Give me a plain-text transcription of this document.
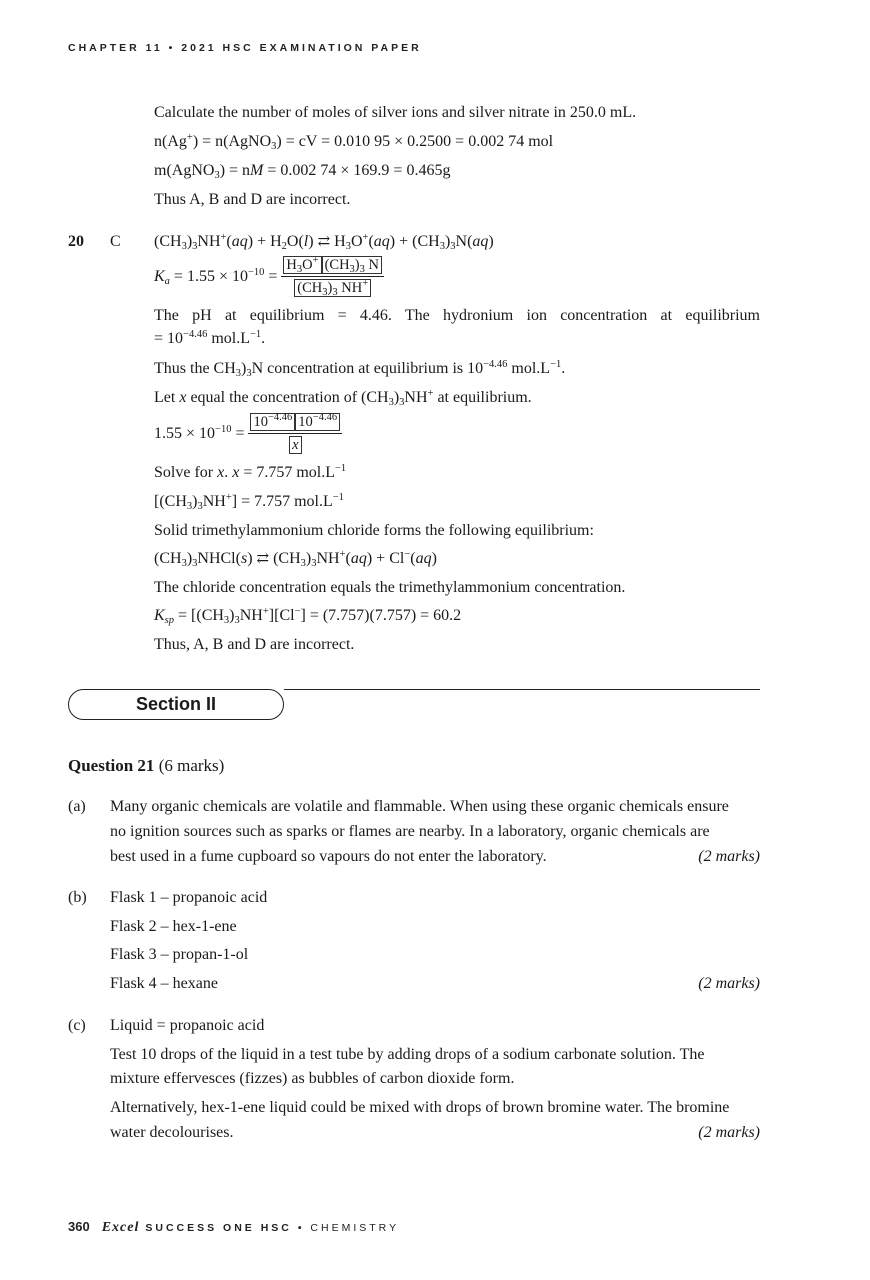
CHAPTER 11 • 2021 HSC EXAMINATION PAPER
Calculate the number of moles of silver ions and silver nitrate in 250.0 mL.
n(Ag+) = n(AgNO$_3$) = cV = 0.010 95 × 0.2500 = 0.002 74 mol
m(AgNO$_3$) = nM = 0.002 74 × 169.9 = 0.465g
Thus A, B and D are incorrect.
20 C $(CH_3)_3NH^+(aq) + H_2O(l)$ ⇄ $H_3O^+(aq) + (CH_3)_3N(aq)$
$K_a = 1.55 \times 10^{-10} = \frac{H_3O^+ (CH_3)_3 N}{(CH_3)_3 NH^+}$
The pH at equilibrium = 4.46. The hydronium ion concentration at equilibrium
= $10^{-4.46}$ $mol.L^{-1}$.
Thus the $CH_3)_3N$ concentration at equilibrium is $10^{-4.46}$ $mol.L^{-1}$.
Let x equal the concentration of $(CH_3)_3NH^+$ at equilibrium.
$1.55 \times 10^{-10} = \frac{10^{-4.46} 10^{-4.46}}{x}$
Solve for x. x = 7.757 $mol.L^{-1}$
$[(CH_3)_3NH^+] = 7.757$ $mol.L^{-1}$
Solid trimethylammonium chloride forms the following equilibrium:
$(CH_3)_3NHCl(s)$ ⇄ $(CH_3)_3NH^+(aq) + Cl^-(aq)$
The chloride concentration equals the trimethylammonium concentration.
$K_{sp} = [(CH_3)_3NH^+][Cl^-] = (7.757)(7.757) = 60.2$
Thus, A, B and D are incorrect.
Section II
Question 21 (6 marks)
(a) Many organic chemicals are volatile and flammable. When using these organic chemicals ensure
no ignition sources such as sparks or flames are nearby. In a laboratory, organic chemicals are
best used in a fume cupboard so vapours do not enter the laboratory.	(2 marks)
(b) Flask 1 – propanoic acid
Flask 2 – hex-1-ene
Flask 3 – propan-1-ol
Flask 4 – hexane	(2 marks)
(c) Liquid = propanoic acid
Test 10 drops of the liquid in a test tube by adding drops of a sodium carbonate solution. The
mixture effervesces (fizzes) as bubbles of carbon dioxide form.
Alternatively, hex-1-ene liquid could be mixed with drops of brown bromine water. The bromine
water decolourises.	(2 marks)
360 Excel SUCCESS ONE HSC • CHEMISTRY
